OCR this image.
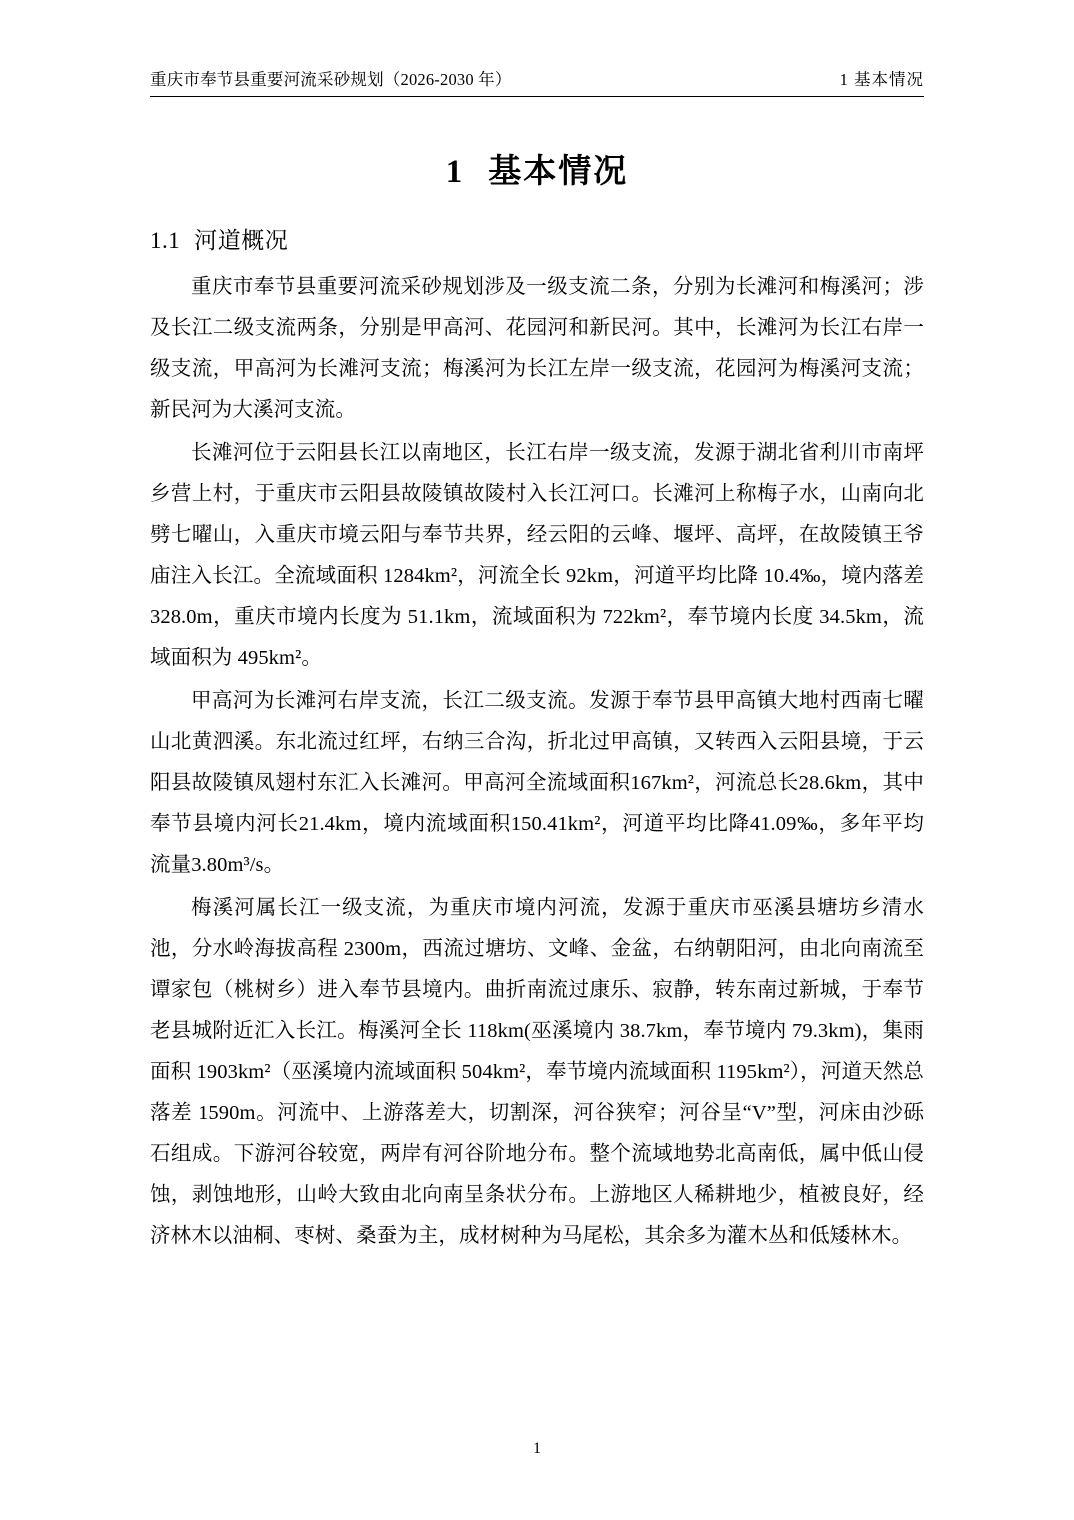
重庆市奉节县重要河流采砂规划（2026-2030 年）	1 基本情况
1 基本情况
1.1 河道概况

重庆市奉节县重要河流采砂规划涉及一级支流二条，分别为长滩河和梅溪河；涉及长江二级支流两条，分别是甲高河、花园河和新民河。其中，长滩河为长江右岸一级支流，甲高河为长滩河支流；梅溪河为长江左岸一级支流，花园河为梅溪河支流；新民河为大溪河支流。

长滩河位于云阳县长江以南地区，长江右岸一级支流，发源于湖北省利川市南坪乡营上村，于重庆市云阳县故陵镇故陵村入长江河口。长滩河上称梅子水，山南向北劈七曜山，入重庆市境云阳与奉节共界，经云阳的云峰、堰坪、高坪，在故陵镇王爷庙注入长江。全流域面积 1284km²，河流全长 92km，河道平均比降 10.4‰，境内落差 328.0m，重庆市境内长度为 51.1km，流域面积为 722km²，奉节境内长度 34.5km，流域面积为 495km²。

甲高河为长滩河右岸支流，长江二级支流。发源于奉节县甲高镇大地村西南七曜山北黄泗溪。东北流过红坪，右纳三合沟，折北过甲高镇，又转西入云阳县境，于云阳县故陵镇凤翅村东汇入长滩河。甲高河全流域面积167km²，河流总长28.6km，其中奉节县境内河长21.4km，境内流域面积150.41km²，河道平均比降41.09‰，多年平均流量3.80m³/s。

梅溪河属长江一级支流，为重庆市境内河流，发源于重庆市巫溪县塘坊乡清水池，分水岭海拔高程 2300m，西流过塘坊、文峰、金盆，右纳朝阳河，由北向南流至谭家包（桃树乡）进入奉节县境内。曲折南流过康乐、寂静，转东南过新城，于奉节老县城附近汇入长江。梅溪河全长 118km(巫溪境内 38.7km，奉节境内 79.3km)，集雨面积 1903km²（巫溪境内流域面积 504km²，奉节境内流域面积 1195km²），河道天然总落差 1590m。河流中、上游落差大，切割深，河谷狭窄；河谷呈“V”型，河床由沙砾石组成。下游河谷较宽，两岸有河谷阶地分布。整个流域地势北高南低，属中低山侵蚀，剥蚀地形，山岭大致由北向南呈条状分布。上游地区人稀耕地少，植被良好，经济林木以油桐、枣树、桑蚕为主，成材树种为马尾松，其余多为灌木丛和低矮林木。

1
